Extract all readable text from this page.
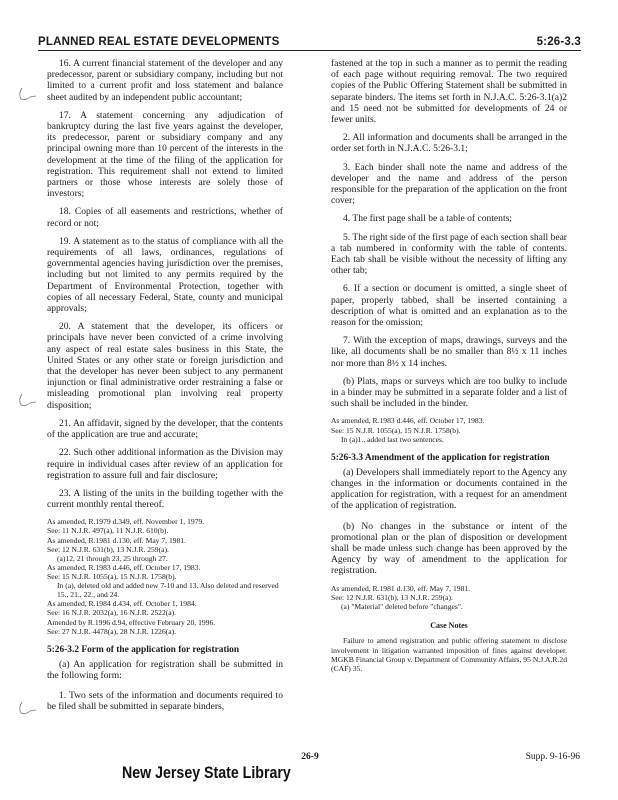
PLANNED REAL ESTATE DEVELOPMENTS	5:26-3.3

16. A current financial statement of the developer and any predecessor, parent or subsidiary company, including but not limited to a current profit and loss statement and balance sheet audited by an independent public accountant;

17. A statement concerning any adjudication of bankruptcy during the last five years against the developer, its predecessor, parent or subsidiary company and any principal owning more than 10 percent of the interests in the development at the time of the filing of the application for registration. This requirement shall not extend to limited partners or those whose interests are solely those of investors;

18. Copies of all easements and restrictions, whether of record or not;

19. A statement as to the status of compliance with all the requirements of all laws, ordinances, regulations of governmental agencies having jurisdiction over the premises, including but not limited to any permits required by the Department of Environmental Protection, together with copies of all necessary Federal, State, county and municipal approvals;

20. A statement that the developer, its officers or principals have never been convicted of a crime involving any aspect of real estate sales business in this State, the United States or any other state or foreign jurisdiction and that the developer has never been subject to any permanent injunction or final administrative order restraining a false or misleading promotional plan involving real property disposition;

21. An affidavit, signed by the developer, that the contents of the application are true and accurate;

22. Such other additional information as the Division may require in individual cases after review of an application for registration to assure full and fair disclosure;

23. A listing of the units in the building together with the current monthly rental thereof.

As amended, R.1979 d.349, eff. November 1, 1979.

See: 11 N.J.R. 497(a), 11 N.J.R. 610(b).

As amended, R.1981 d.130, eff. May 7, 1981.

See: 12 N.J.R. 631(b), 13 N.J.R. 259(a).

(a)12, 21 through 23, 25 through 27.

As amended, R.1983 d.446, eff. October 17, 1983.

See: 15 N.J.R. 1055(a), 15 N.J.R. 1758(b).

In (a), deleted old and added new 7-10 and 13. Also deleted and reserved 15., 21., 22., and 24.

As amended, R.1984 d.434, eff. October 1, 1984.

See: 16 N.J.R. 2032(a), 16 N.J.R. 2522(a).

Amended by R.1996 d.94, effective February 20, 1996.

See: 27 N.J.R. 4478(a), 28 N.J.R. 1226(a).

5:26-3.2 Form of the application for registration

(a) An application for registration shall be submitted in the following form:

1. Two sets of the information and documents required to be filed shall be submitted in separate binders,

fastened at the top in such a manner as to permit the reading of each page without requiring removal. The two required copies of the Public Offering Statement shall be submitted in separate binders. The items set forth in N.J.A.C. 5:26-3.1(a)2 and 15 need not be submitted for developments of 24 or fewer units.

2. All information and documents shall be arranged in the order set forth in N.J.A.C. 5:26-3.1;

3. Each binder shall note the name and address of the developer and the name and address of the person responsible for the preparation of the application on the front cover;

4. The first page shall be a table of contents;

5. The right side of the first page of each section shall bear a tab numbered in conformity with the table of contents. Each tab shall be visible without the necessity of lifting any other tab;

6. If a section or document is omitted, a single sheet of paper, properly tabbed, shall be inserted containing a description of what is omitted and an explanation as to the reason for the omission;

7. With the exception of maps, drawings, surveys and the like, all documents shall be no smaller than 8½ x 11 inches nor more than 8½ x 14 inches.

(b) Plats, maps or surveys which are too bulky to include in a binder may be submitted in a separate folder and a list of such shall be included in the binder.

As amended, R.1983 d.446, eff. October 17, 1983.

See: 15 N.J.R. 1055(a), 15 N.J.R. 1758(b).

In (a)1., added last two sentences.

5:26-3.3 Amendment of the application for registration

(a) Developers shall immediately report to the Agency any changes in the information or documents contained in the application for registration, with a request for an amendment of the application of registration.

(b) No changes in the substance or intent of the promotional plan or the plan of disposition or development shall be made unless such change has been approved by the Agency by way of amendment to the application for registration.

As amended, R.1981 d.130, eff. May 7, 1981.

See: 12 N.J.R. 631(b), 13 N.J.R. 259(a).

(a) "Material" deleted before "changes".

Case Notes

Failure to amend registration and public offering statement to disclose involvement in litigation warranted imposition of fines against developer. MGKB Financial Group v. Department of Community Affairs, 95 N.J.A.R.2d (CAF) 35.

26-9	Supp. 9-16-96
New Jersey State Library
